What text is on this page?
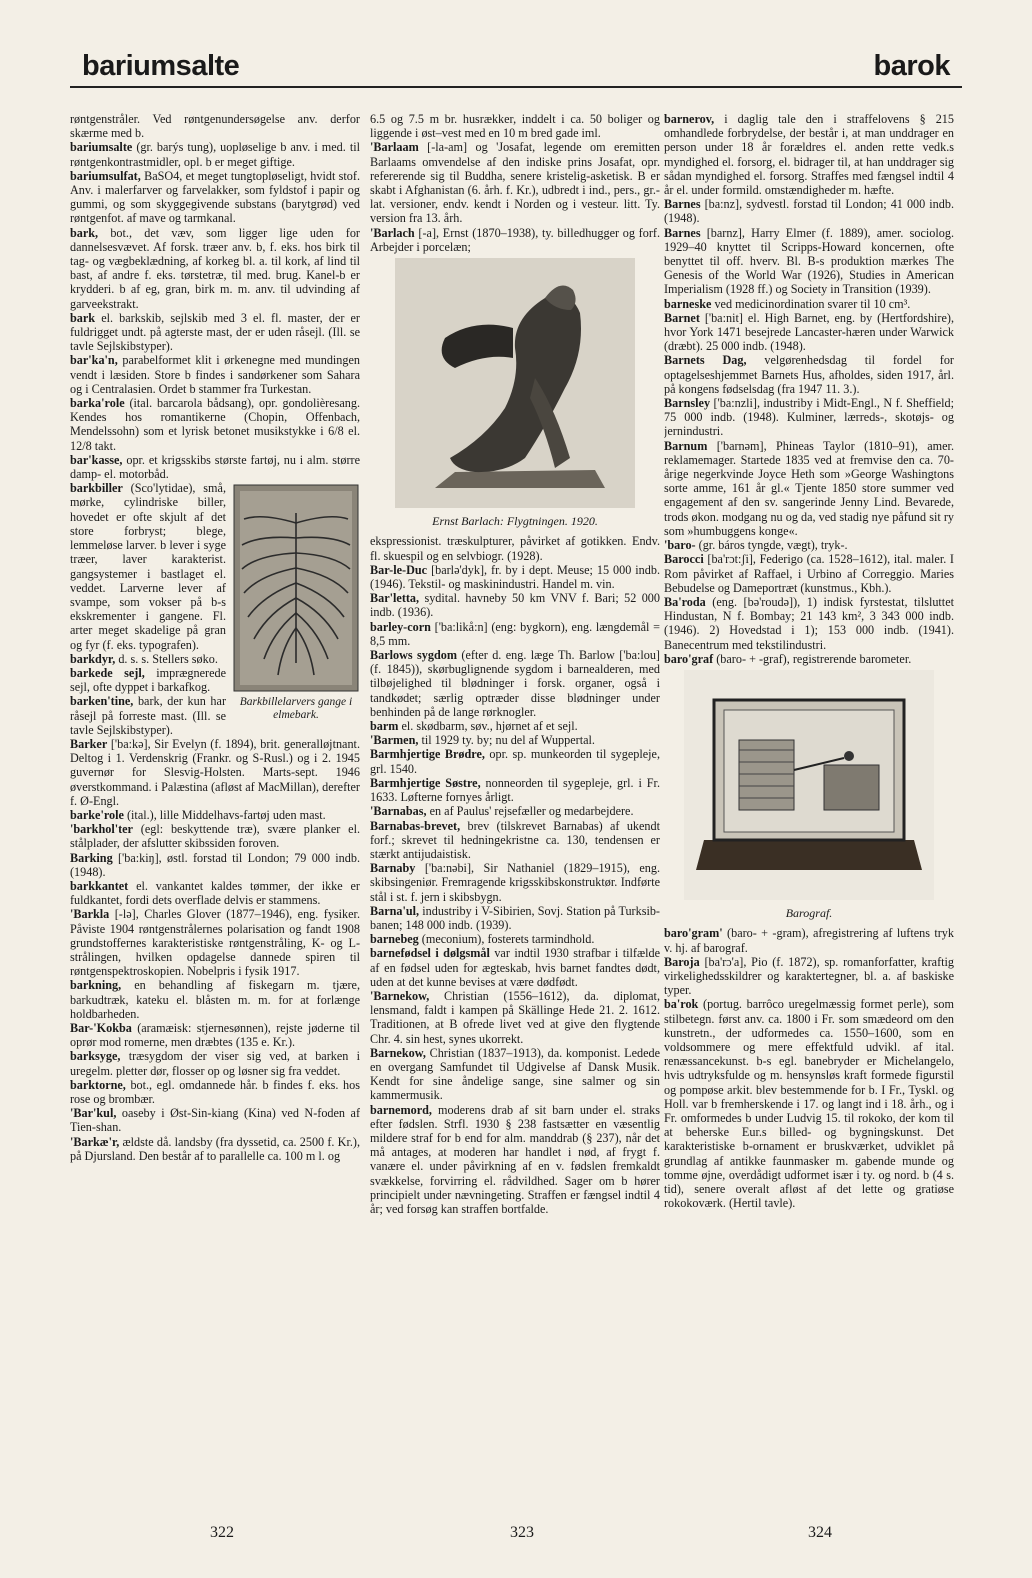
bariumsalte	barok
røntgenstråler. Ved røntgenundersøgelse anv. derfor skærme med b.
bariumsalte (gr. barýs tung), uopløselige b anv. i med. til røntgenkontrastmidler, opl. b er meget giftige.
bariumsulfat, BaSO4, et meget tungtopløseligt, hvidt stof. Anv. i malerfarver og farvelakker, som fyldstof i papir og gummi, og som skyggegivende substans (barytgrød) ved røntgenfot. af mave og tarmkanal.
bark, bot., det væv, som ligger lige uden for dannelsesvævet. Af forsk. træer anv. b, f. eks. hos birk til tag- og vægbeklædning, af korkeg bl. a. til kork, af lind til bast, af andre f. eks. tørstetræ, til med. brug. Kanel-b er krydderi. b af eg, gran, birk m. m. anv. til udvinding af garveekstrakt.
bark el. barkskib, sejlskib med 3 el. fl. master, der er fuldrigget undt. på agterste mast, der er uden råsejl. (Ill. se tavle Sejlskibstyper).
bar'ka'n, parabelformet klit i ørkenegne med mundingen vendt i læsiden. Store b findes i sandørkener som Sahara og i Centralasien. Ordet b stammer fra Turkestan.
barka'role (ital. barcarola bådsang), opr. gondolièresang. Kendes hos romantikerne (Chopin, Offenbach, Mendelssohn) som et lyrisk betonet musikstykke i 6/8 el. 12/8 takt.
bar'kasse, opr. et krigsskibs største fartøj, nu i alm. større damp- el. motorbåd.
Barkbillelarvers gange i elmebark.
barkbiller (Sco'lytidae), små, mørke, cylindriske biller, hovedet er ofte skjult af det store forbryst; blege, lemmeløse larver. b lever i syge træer, laver karakterist. gangsystemer i bastlaget el. veddet. Larverne lever af svampe, som vokser på b-s ekskrementer i gangene. Fl. arter meget skadelige på gran og fyr (f. eks. typografen).
barkdyr, d. s. s. Stellers søko.
barkede sejl, imprægnerede sejl, ofte dyppet i barkafkog.
barken'tine, bark, der kun har råsejl på forreste mast. (Ill. se tavle Sejlskibstyper).
Barker ['ba:kə], Sir Evelyn (f. 1894), brit. generalløjtnant. Deltog i 1. Verdenskrig (Frankr. og S-Rusl.) og i 2. 1945 guvernør for Slesvig-Holsten. Marts-sept. 1946 øverstkommand. i Palæstina (afløst af MacMillan), derefter f. Ø-Engl.
barke'role (ital.), lille Middelhavs-fartøj uden mast.
'barkhol'ter (egl: beskyttende træ), svære planker el. stålplader, der afslutter skibssiden foroven.
Barking ['ba:kiŋ], østl. forstad til London; 79 000 indb. (1948).
barkkantet el. vankantet kaldes tømmer, der ikke er fuldkantet, fordi dets overflade delvis er stammens.
'Barkla [-lə], Charles Glover (1877–1946), eng. fysiker. Påviste 1904 røntgenstrålernes polarisation og fandt 1908 grundstoffernes karakteristiske røntgenstråling, K- og L-strålingen, hvilken opdagelse dannede spiren til røntgenspektroskopien. Nobelpris i fysik 1917.
barkning, en behandling af fiskegarn m. tjære, barkudtræk, kateku el. blåsten m. m. for at forlænge holdbarheden.
Bar-'Kokba (aramæisk: stjernesønnen), rejste jøderne til oprør mod romerne, men dræbtes (135 e. Kr.).
barksyge, træsygdom der viser sig ved, at barken i uregelm. pletter dør, flosser op og løsner sig fra veddet.
barktorne, bot., egl. omdannede hår. b findes f. eks. hos rose og brombær.
'Bar'kul, oaseby i Øst-Sin-kiang (Kina) ved N-foden af Tien-shan.
'Barkæ'r, ældste då. landsby (fra dyssetid, ca. 2500 f. Kr.), på Djursland. Den består af to parallelle ca. 100 m l. og
6.5 og 7.5 m br. husrækker, inddelt i ca. 50 boliger og liggende i øst–vest med en 10 m bred gade iml.
'Barlaam [-la-am] og 'Josafat, legende om eremitten Barlaams omvendelse af den indiske prins Josafat, opr. refererende sig til Buddha, senere kristelig-asketisk. B er skabt i Afghanistan (6. årh. f. Kr.), udbredt i ind., pers., gr.-lat. versioner, endv. kendt i Norden og i vesteur. litt. Ty. version fra 13. årh.
'Barlach [-a], Ernst (1870–1938), ty. billedhugger og forf. Arbejder i porcelæn;
Ernst Barlach: Flygtningen. 1920.
ekspressionist. træskulpturer, påvirket af gotikken. Endv. fl. skuespil og en selvbiogr. (1928).
Bar-le-Duc [barlə'dyk], fr. by i dept. Meuse; 15 000 indb. (1946). Tekstil- og maskinindustri. Handel m. vin.
Bar'letta, sydital. havneby 50 km VNV f. Bari; 52 000 indb. (1936).
barley-corn ['ba:likå:n] (eng: bygkorn), eng. længdemål = 8,5 mm.
Barlows sygdom (efter d. eng. læge Th. Barlow ['ba:lou] (f. 1845)), skørbuglignende sygdom i barnealderen, med tilbøjelighed til blødninger i forsk. organer, også i tandkødet; særlig optræder disse blødninger under benhinden på de lange rørknogler.
barm el. skødbarm, søv., hjørnet af et sejl.
'Barmen, til 1929 ty. by; nu del af Wuppertal.
Barmhjertige Brødre, opr. sp. munkeorden til sygepleje, grl. 1540.
Barmhjertige Søstre, nonneorden til sygepleje, grl. i Fr. 1633. Løfterne fornyes årligt.
'Barnabas, en af Paulus' rejsefæller og medarbejdere.
Barnabas-brevet, brev (tilskrevet Barnabas) af ukendt forf.; skrevet til hedningekristne ca. 130, tendensen er stærkt antijudaistisk.
Barnaby ['ba:nəbi], Sir Nathaniel (1829–1915), eng. skibsingeniør. Fremragende krigsskibskonstruktør. Indførte stål i st. f. jern i skibsbygn.
Barna'ul, industriby i V-Sibirien, Sovj. Station på Turksib-banen; 148 000 indb. (1939).
barnebeg (meconium), fosterets tarmindhold.
barnefødsel i dølgsmål var indtil 1930 strafbar i tilfælde af en fødsel uden for ægteskab, hvis barnet fandtes dødt, uden at det kunne bevises at være dødfødt.
'Barnekow, Christian (1556–1612), da. diplomat, lensmand, faldt i kampen på Skällinge Hede 21. 2. 1612. Traditionen, at B ofrede livet ved at give den flygtende Chr. 4. sin hest, synes ukorrekt.
Barnekow, Christian (1837–1913), da. komponist. Ledede en overgang Samfundet til Udgivelse af Dansk Musik. Kendt for sine åndelige sange, sine salmer og sin kammermusik.
barnemord, moderens drab af sit barn under el. straks efter fødslen. Strfl. 1930 § 238 fastsætter en væsentlig mildere straf for b end for alm. manddrab (§ 237), når det må antages, at moderen har handlet i nød, af frygt f. vanære el. under påvirkning af en v. fødslen fremkaldt svækkelse, forvirring el. rådvildhed. Sager om b hører principielt under nævningeting. Straffen er fængsel indtil 4 år; ved forsøg kan straffen bortfalde.
barnerov, i daglig tale den i straffelovens § 215 omhandlede forbrydelse, der består i, at man unddrager en person under 18 år forældres el. anden rette vedk.s myndighed el. forsorg, el. bidrager til, at han unddrager sig sådan myndighed el. forsorg. Straffes med fængsel indtil 4 år el. under formild. omstændigheder m. hæfte.
Barnes [ba:nz], sydvestl. forstad til London; 41 000 indb. (1948).
Barnes [barnz], Harry Elmer (f. 1889), amer. sociolog. 1929–40 knyttet til Scripps-Howard koncernen, ofte benyttet til off. hverv. Bl. B-s produktion mærkes The Genesis of the World War (1926), Studies in American Imperialism (1928 ff.) og Society in Transition (1939).
barneske ved medicinordination svarer til 10 cm³.
Barnet ['ba:nit] el. High Barnet, eng. by (Hertfordshire), hvor York 1471 besejrede Lancaster-hæren under Warwick (dræbt). 25 000 indb. (1948).
Barnets Dag, velgørenhedsdag til fordel for optagelseshjemmet Barnets Hus, afholdes, siden 1917, årl. på kongens fødselsdag (fra 1947 11. 3.).
Barnsley ['ba:nzli], industriby i Midt-Engl., N f. Sheffield; 75 000 indb. (1948). Kulminer, lærreds-, skotøjs- og jernindustri.
Barnum ['barnəm], Phineas Taylor (1810–91), amer. reklamemager. Startede 1835 ved at fremvise den ca. 70-årige negerkvinde Joyce Heth som »George Washingtons sorte amme, 161 år gl.« Tjente 1850 store summer ved engagement af den sv. sangerinde Jenny Lind. Bevarede, trods økon. modgang nu og da, ved stadig nye påfund sit ry som »humbuggens konge«.
'baro- (gr. báros tyngde, vægt), tryk-.
Barocci [ba'rɔt:ʃi], Federigo (ca. 1528–1612), ital. maler. I Rom påvirket af Raffael, i Urbino af Correggio. Maries Bebudelse og Dameportræt (kunstmus., Kbh.).
Ba'roda (eng. [bə'roudə]), 1) indisk fyrstestat, tilsluttet Hindustan, N f. Bombay; 21 143 km², 3 343 000 indb. (1946). 2) Hovedstad i 1); 153 000 indb. (1941). Banecentrum med tekstilindustri.
baro'graf (baro- + -graf), registrerende barometer.
Barograf.
baro'gram' (baro- + -gram), afregistrering af luftens tryk v. hj. af barograf.
Baroja [ba'rɔ'a], Pio (f. 1872), sp. romanforfatter, kraftig virkelighedsskildrer og karaktertegner, bl. a. af baskiske typer.
ba'rok (portug. barrôco uregelmæssig formet perle), som stilbetegn. først anv. ca. 1800 i Fr. som smædeord om den kunstretn., der udformedes ca. 1550–1600, som en voldsommere og mere effektfuld udvikl. af ital. renæssancekunst. b-s egl. banebryder er Michelangelo, hvis udtryksfulde og m. hensynsløs kraft formede figurstil og pompøse arkit. blev bestemmende for b. I Fr., Tyskl. og Holl. var b fremherskende i 17. og langt ind i 18. årh., og i Fr. omformedes b under Ludvig 15. til rokoko, der kom til at beherske Eur.s billed- og bygningskunst. Det karakteristiske b-ornament er bruskværket, udviklet på grundlag af antikke faunmasker m. gabende munde og tomme øjne, overdådigt udformet især i ty. og nord. b (4 s. tid), senere overalt afløst af det lette og gratiøse rokokoværk. (Hertil tavle).
322	323	324
